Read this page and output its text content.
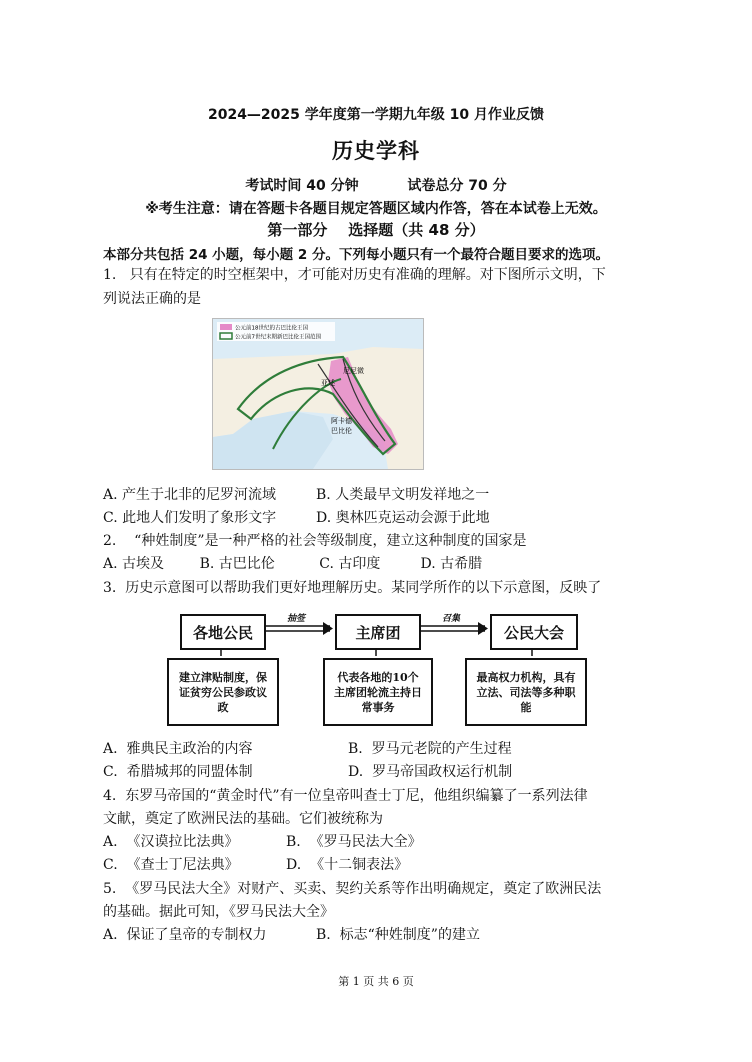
2024—2025 学年度第一学期九年级 10 月作业反馈
历史学科
考试时间 40 分钟          试卷总分 70 分
※考生注意：请在答题卡各题目规定答题区域内作答，答在本试卷上无效。
第一部分    选择题（共 48 分）
本部分共包括 24 小题，每小题 2 分。下列每小题只有一个最符合题目要求的选项。
1.   只有在特定的时空框架中，才可能对历史有准确的理解。对下图所示文明，下
列说法正确的是
公元前18世纪的古巴比伦王国
公元前7世纪末期新巴比伦王国范围
尼尼微
亚述
阿卡德
巴比伦
A. 产生于北非的尼罗河流域	B. 人类最早文明发祥地之一
C. 此地人们发明了象形文字	D. 奥林匹克运动会源于此地
2.    “种姓制度”是一种严格的社会等级制度，建立这种制度的国家是
A. 古埃及        B. 古巴比伦          C. 古印度         D. 古希腊
3.  历史示意图可以帮助我们更好地理解历史。某同学所作的以下示意图，反映了
各地公民	主席团	公民大会
抽签	召集
建立津贴制度，保证贫穷公民参政议政
代表各地的10个主席团轮流主持日常事务
最高权力机构，具有立法、司法等多种职能
A.  雅典民主政治的内容	B.  罗马元老院的产生过程
C.  希腊城邦的同盟体制	D.  罗马帝国政权运行机制
4.  东罗马帝国的“黄金时代”有一位皇帝叫查士丁尼，他组织编纂了一系列法律
文献，奠定了欧洲民法的基础。它们被统称为
A.  《汉谟拉比法典》	B.  《罗马民法大全》
C.  《查士丁尼法典》	D.  《十二铜表法》
5.  《罗马民法大全》对财产、买卖、契约关系等作出明确规定，奠定了欧洲民法
的基础。据此可知，《罗马民法大全》
A.  保证了皇帝的专制权力	B.  标志“种姓制度”的建立
第 1 页 共 6 页
